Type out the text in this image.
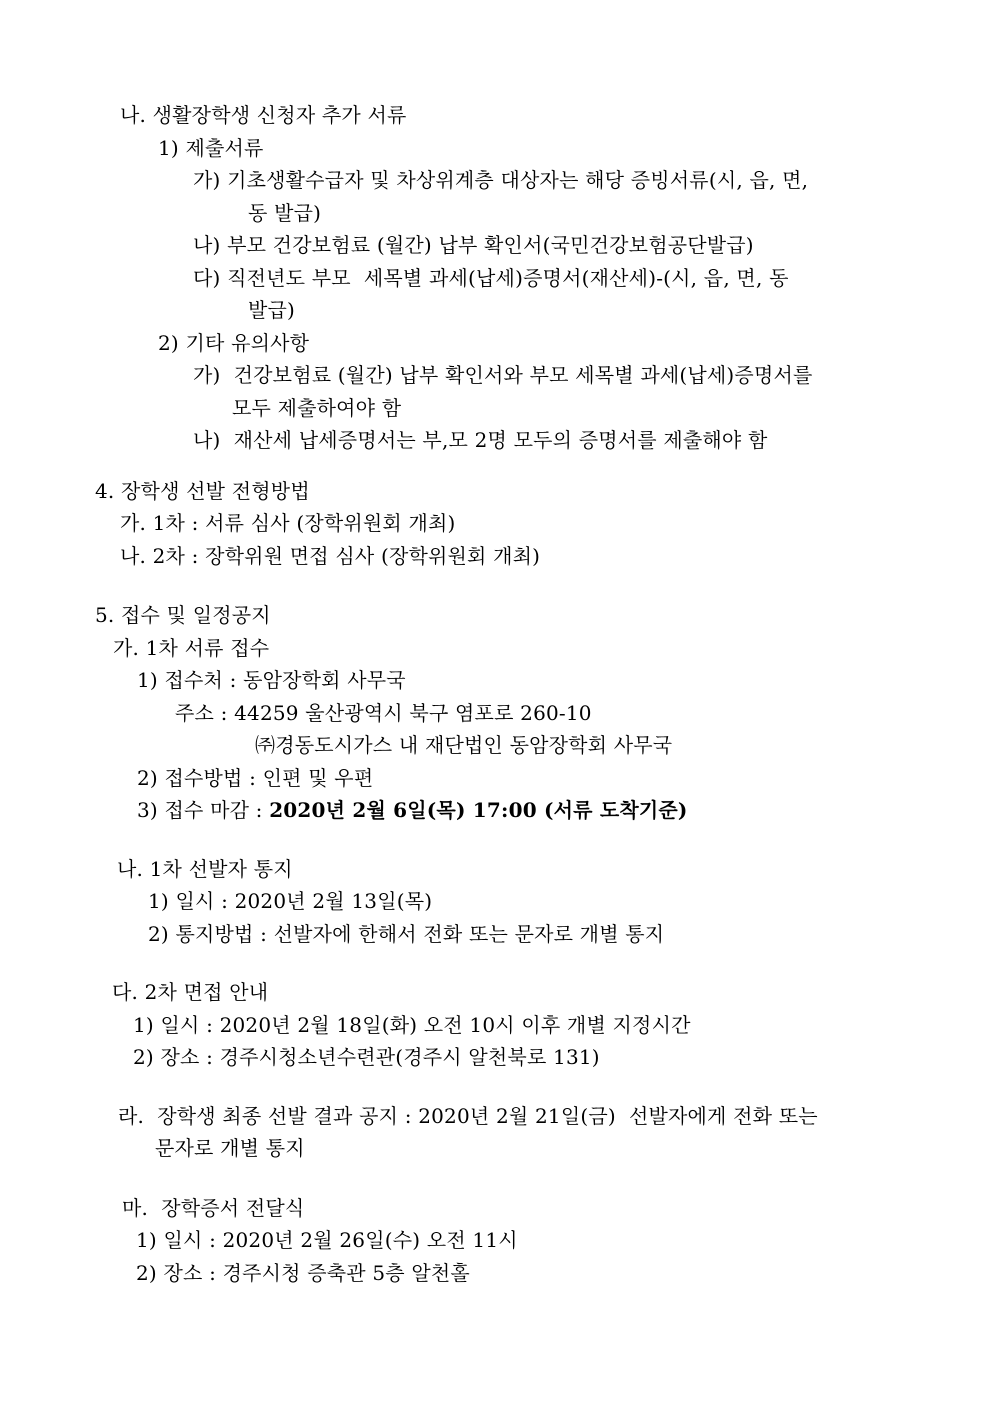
나. 생활장학생 신청자 추가 서류
1) 제출서류
가) 기초생활수급자 및 차상위계층 대상자는 해당 증빙서류(시, 읍, 면,
동 발급)
나) 부모 건강보험료 (월간) 납부 확인서(국민건강보험공단발급)
다) 직전년도 부모  세목별 과세(납세)증명서(재산세)-(시, 읍, 면, 동
발급)
2) 기타 유의사항
가)  건강보험료 (월간) 납부 확인서와 부모 세목별 과세(납세)증명서를
모두 제출하여야 함
나)  재산세 납세증명서는 부,모 2명 모두의 증명서를 제출해야 함
4. 장학생 선발 전형방법
가. 1차 : 서류 심사 (장학위원회 개최)
나. 2차 : 장학위원 면접 심사 (장학위원회 개최)
5. 접수 및 일정공지
가. 1차 서류 접수
1) 접수처 : 동암장학회 사무국
주소 : 44259 울산광역시 북구 염포로 260-10
㈜경동도시가스 내 재단법인 동암장학회 사무국
2) 접수방법 : 인편 및 우편
3) 접수 마감 : 2020년 2월 6일(목) 17:00 (서류 도착기준)
나. 1차 선발자 통지
1) 일시 : 2020년 2월 13일(목)
2) 통지방법 : 선발자에 한해서 전화 또는 문자로 개별 통지
다. 2차 면접 안내
1) 일시 : 2020년 2월 18일(화) 오전 10시 이후 개별 지정시간
2) 장소 : 경주시청소년수련관(경주시 알천북로 131)
라.  장학생 최종 선발 결과 공지 : 2020년 2월 21일(금)  선발자에게 전화 또는
문자로 개별 통지
마.  장학증서 전달식
1) 일시 : 2020년 2월 26일(수) 오전 11시
2) 장소 : 경주시청 증축관 5층 알천홀
